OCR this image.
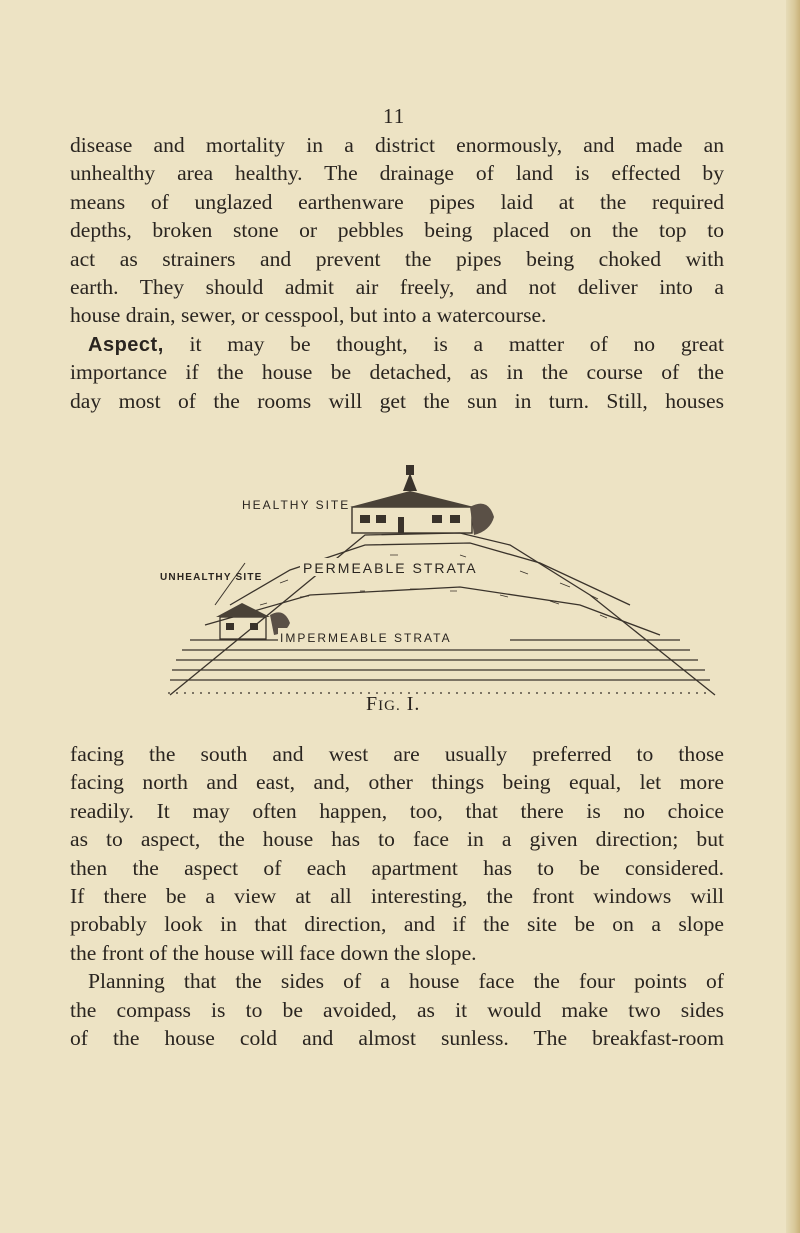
11
disease and mortality in a district enormously, and made an
unhealthy area healthy. The drainage of land is effected by
means of unglazed earthenware pipes laid at the required
depths, broken stone or pebbles being placed on the top to
act as strainers and prevent the pipes being choked with
earth. They should admit air freely, and not deliver into a
house drain, sewer, or cesspool, but into a watercourse.
Aspect, it may be thought, is a matter of no great
importance if the house be detached, as in the course of the
day most of the rooms will get the sun in turn. Still, houses
HEALTHY SITE
UNHEALTHY SITE
PERMEABLE STRATA
IMPERMEABLE STRATA
FIG. I.
facing the south and west are usually preferred to those
facing north and east, and, other things being equal, let more
readily. It may often happen, too, that there is no choice
as to aspect, the house has to face in a given direction; but
then the aspect of each apartment has to be considered.
If there be a view at all interesting, the front windows will
probably look in that direction, and if the site be on a slope
the front of the house will face down the slope.
Planning that the sides of a house face the four points of
the compass is to be avoided, as it would make two sides
of the house cold and almost sunless. The breakfast-room
